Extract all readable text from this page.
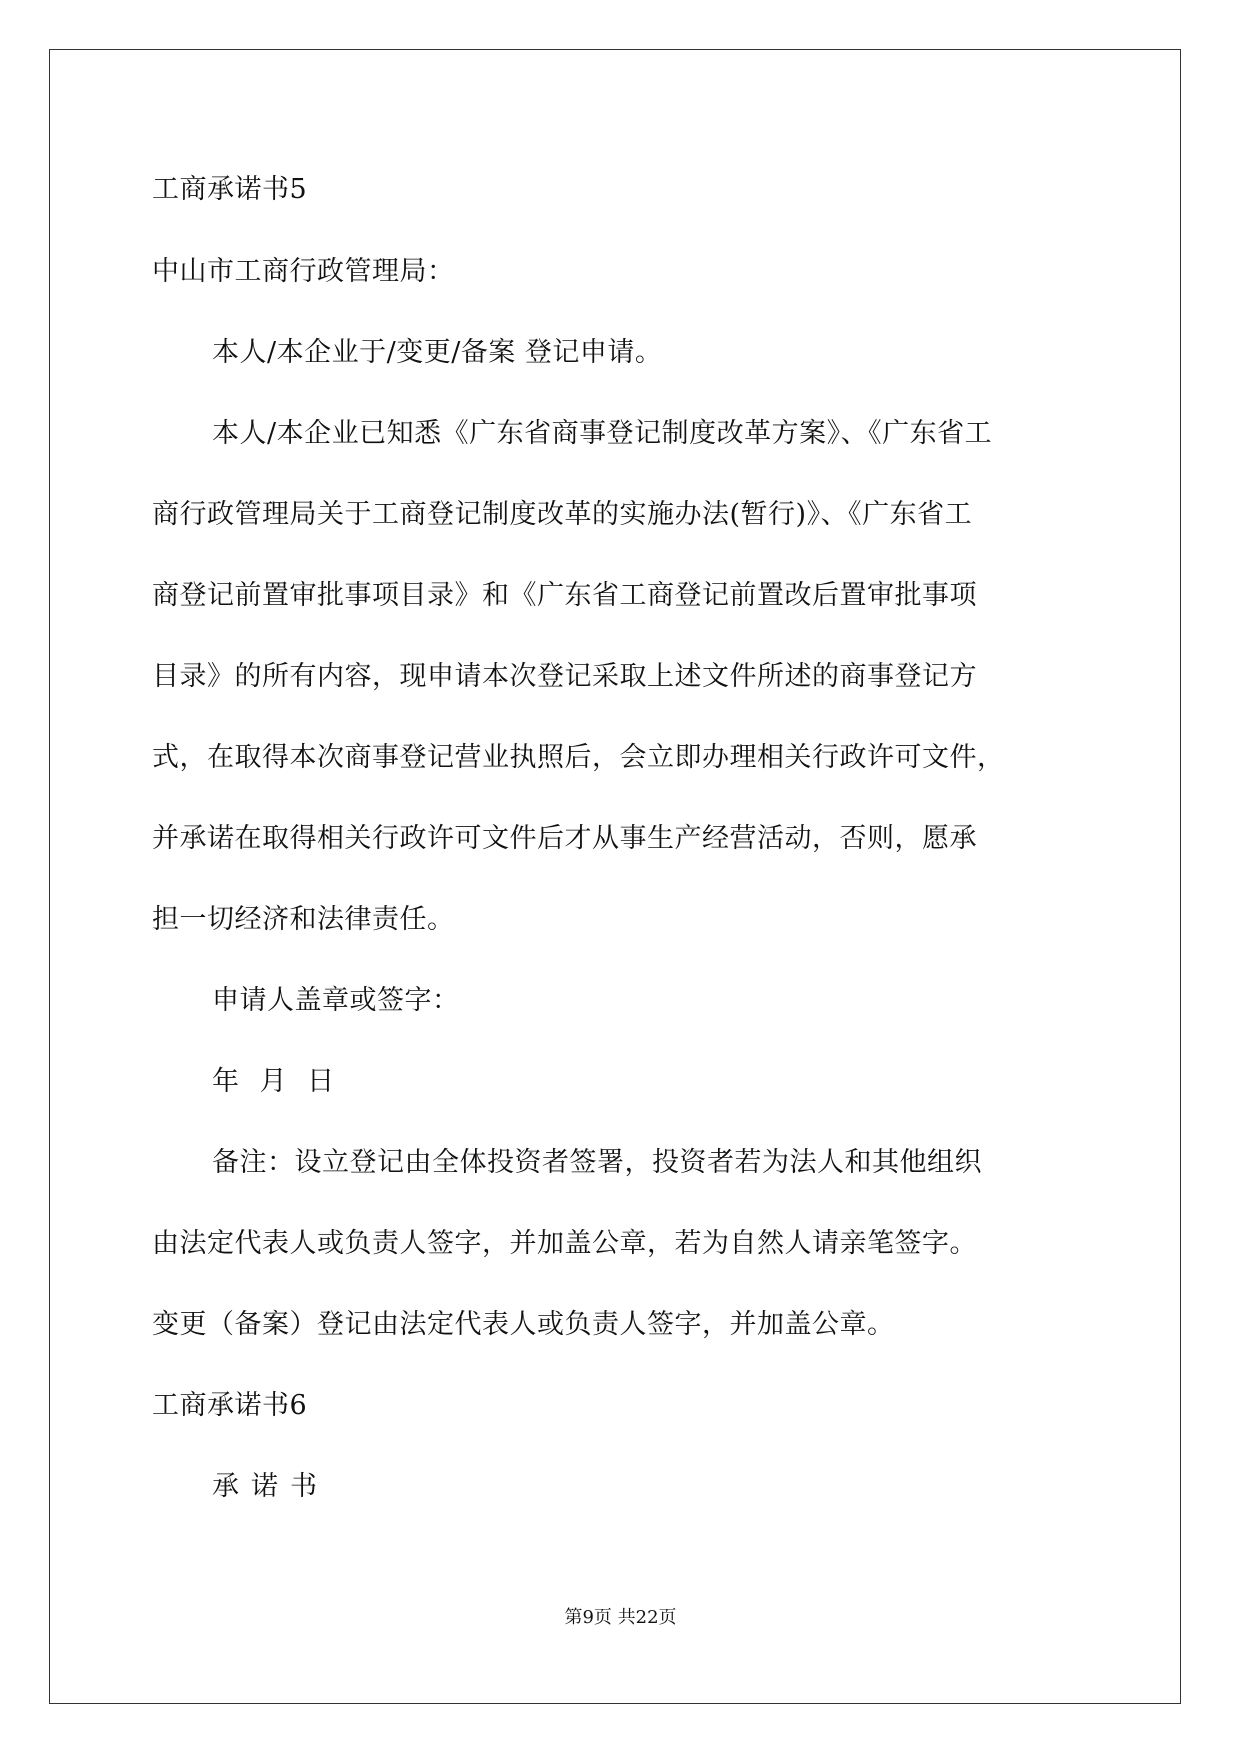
工商承诺书5

中山市工商行政管理局：

本人/本企业于/变更/备案 登记申请。

本人/本企业已知悉《广东省商事登记制度改革方案》、《广东省工

商行政管理局关于工商登记制度改革的实施办法(暂行)》、《广东省工

商登记前置审批事项目录》和《广东省工商登记前置改后置审批事项

目录》的所有内容，现申请本次登记采取上述文件所述的商事登记方

式，在取得本次商事登记营业执照后，会立即办理相关行政许可文件，

并承诺在取得相关行政许可文件后才从事生产经营活动，否则，愿承

担一切经济和法律责任。

申请人盖章或签字：

年 月 日

备注：设立登记由全体投资者签署，投资者若为法人和其他组织

由法定代表人或负责人签字，并加盖公章，若为自然人请亲笔签字。

变更（备案）登记由法定代表人或负责人签字，并加盖公章。

工商承诺书6

承诺书

第9页 共22页
